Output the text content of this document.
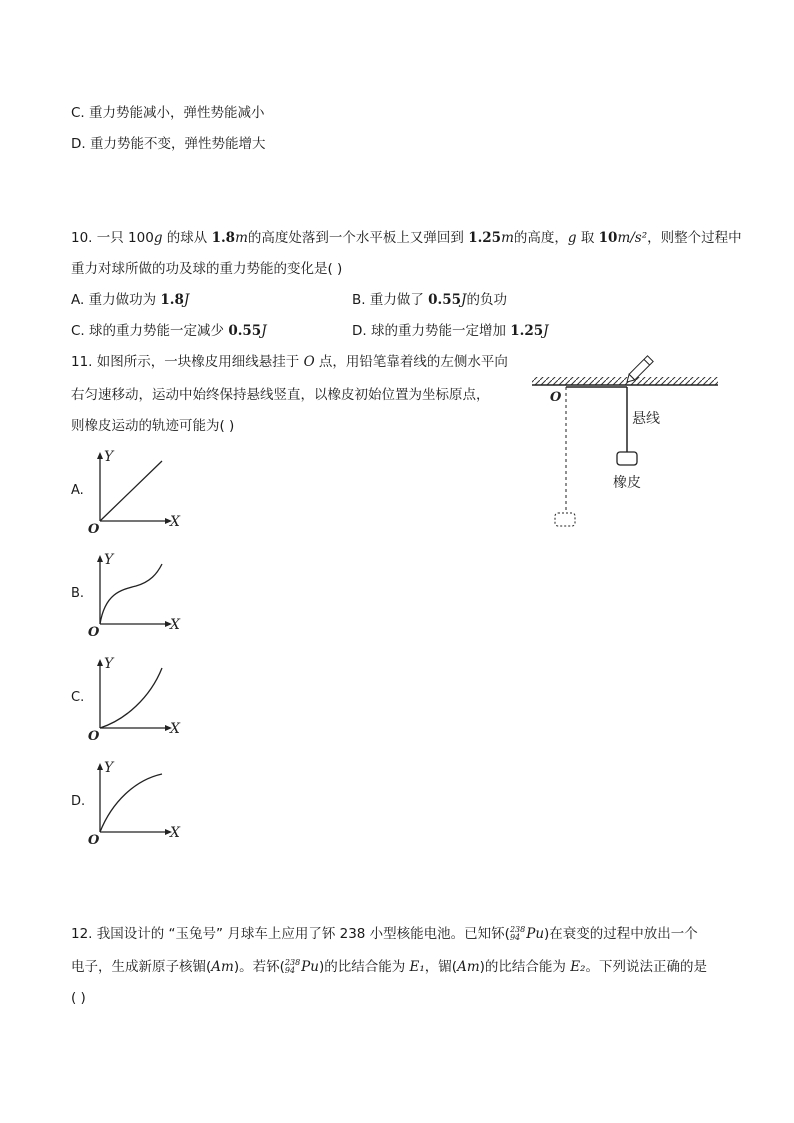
C. 重力势能减小，弹性势能减小
D. 重力势能不变，弹性势能增大
10. 一只 100g 的球从 1.8m的高度处落到一个水平板上又弹回到 1.25m的高度，g 取 10m/s²，则整个过程中
重力对球所做的功及球的重力势能的变化是( )
A. 重力做功为 1.8J	B. 重力做了 0.55J的负功
C. 球的重力势能一定减少 0.55J	D. 球的重力势能一定增加 1.25J
11. 如图所示，一块橡皮用细线悬挂于 O 点，用铅笔靠着线的左侧水平向
右匀速移动，运动中始终保持悬线竖直，以橡皮初始位置为坐标原点，
则橡皮运动的轨迹可能为( )
O
悬线
橡皮
A.
Y
X
O
B.
Y
X
O
C.
Y
X
O
D.
Y
X
O
12. 我国设计的 “玉兔号” 月球车上应用了钚 238 小型核能电池。已知钚( 238
94 Pu)在衰变的过程中放出一个
电子，生成新原子核镅(Am)。若钚( 238
94 Pu)的比结合能为 E₁，镅(Am)的比结合能为 E₂。下列说法正确的是
( )
